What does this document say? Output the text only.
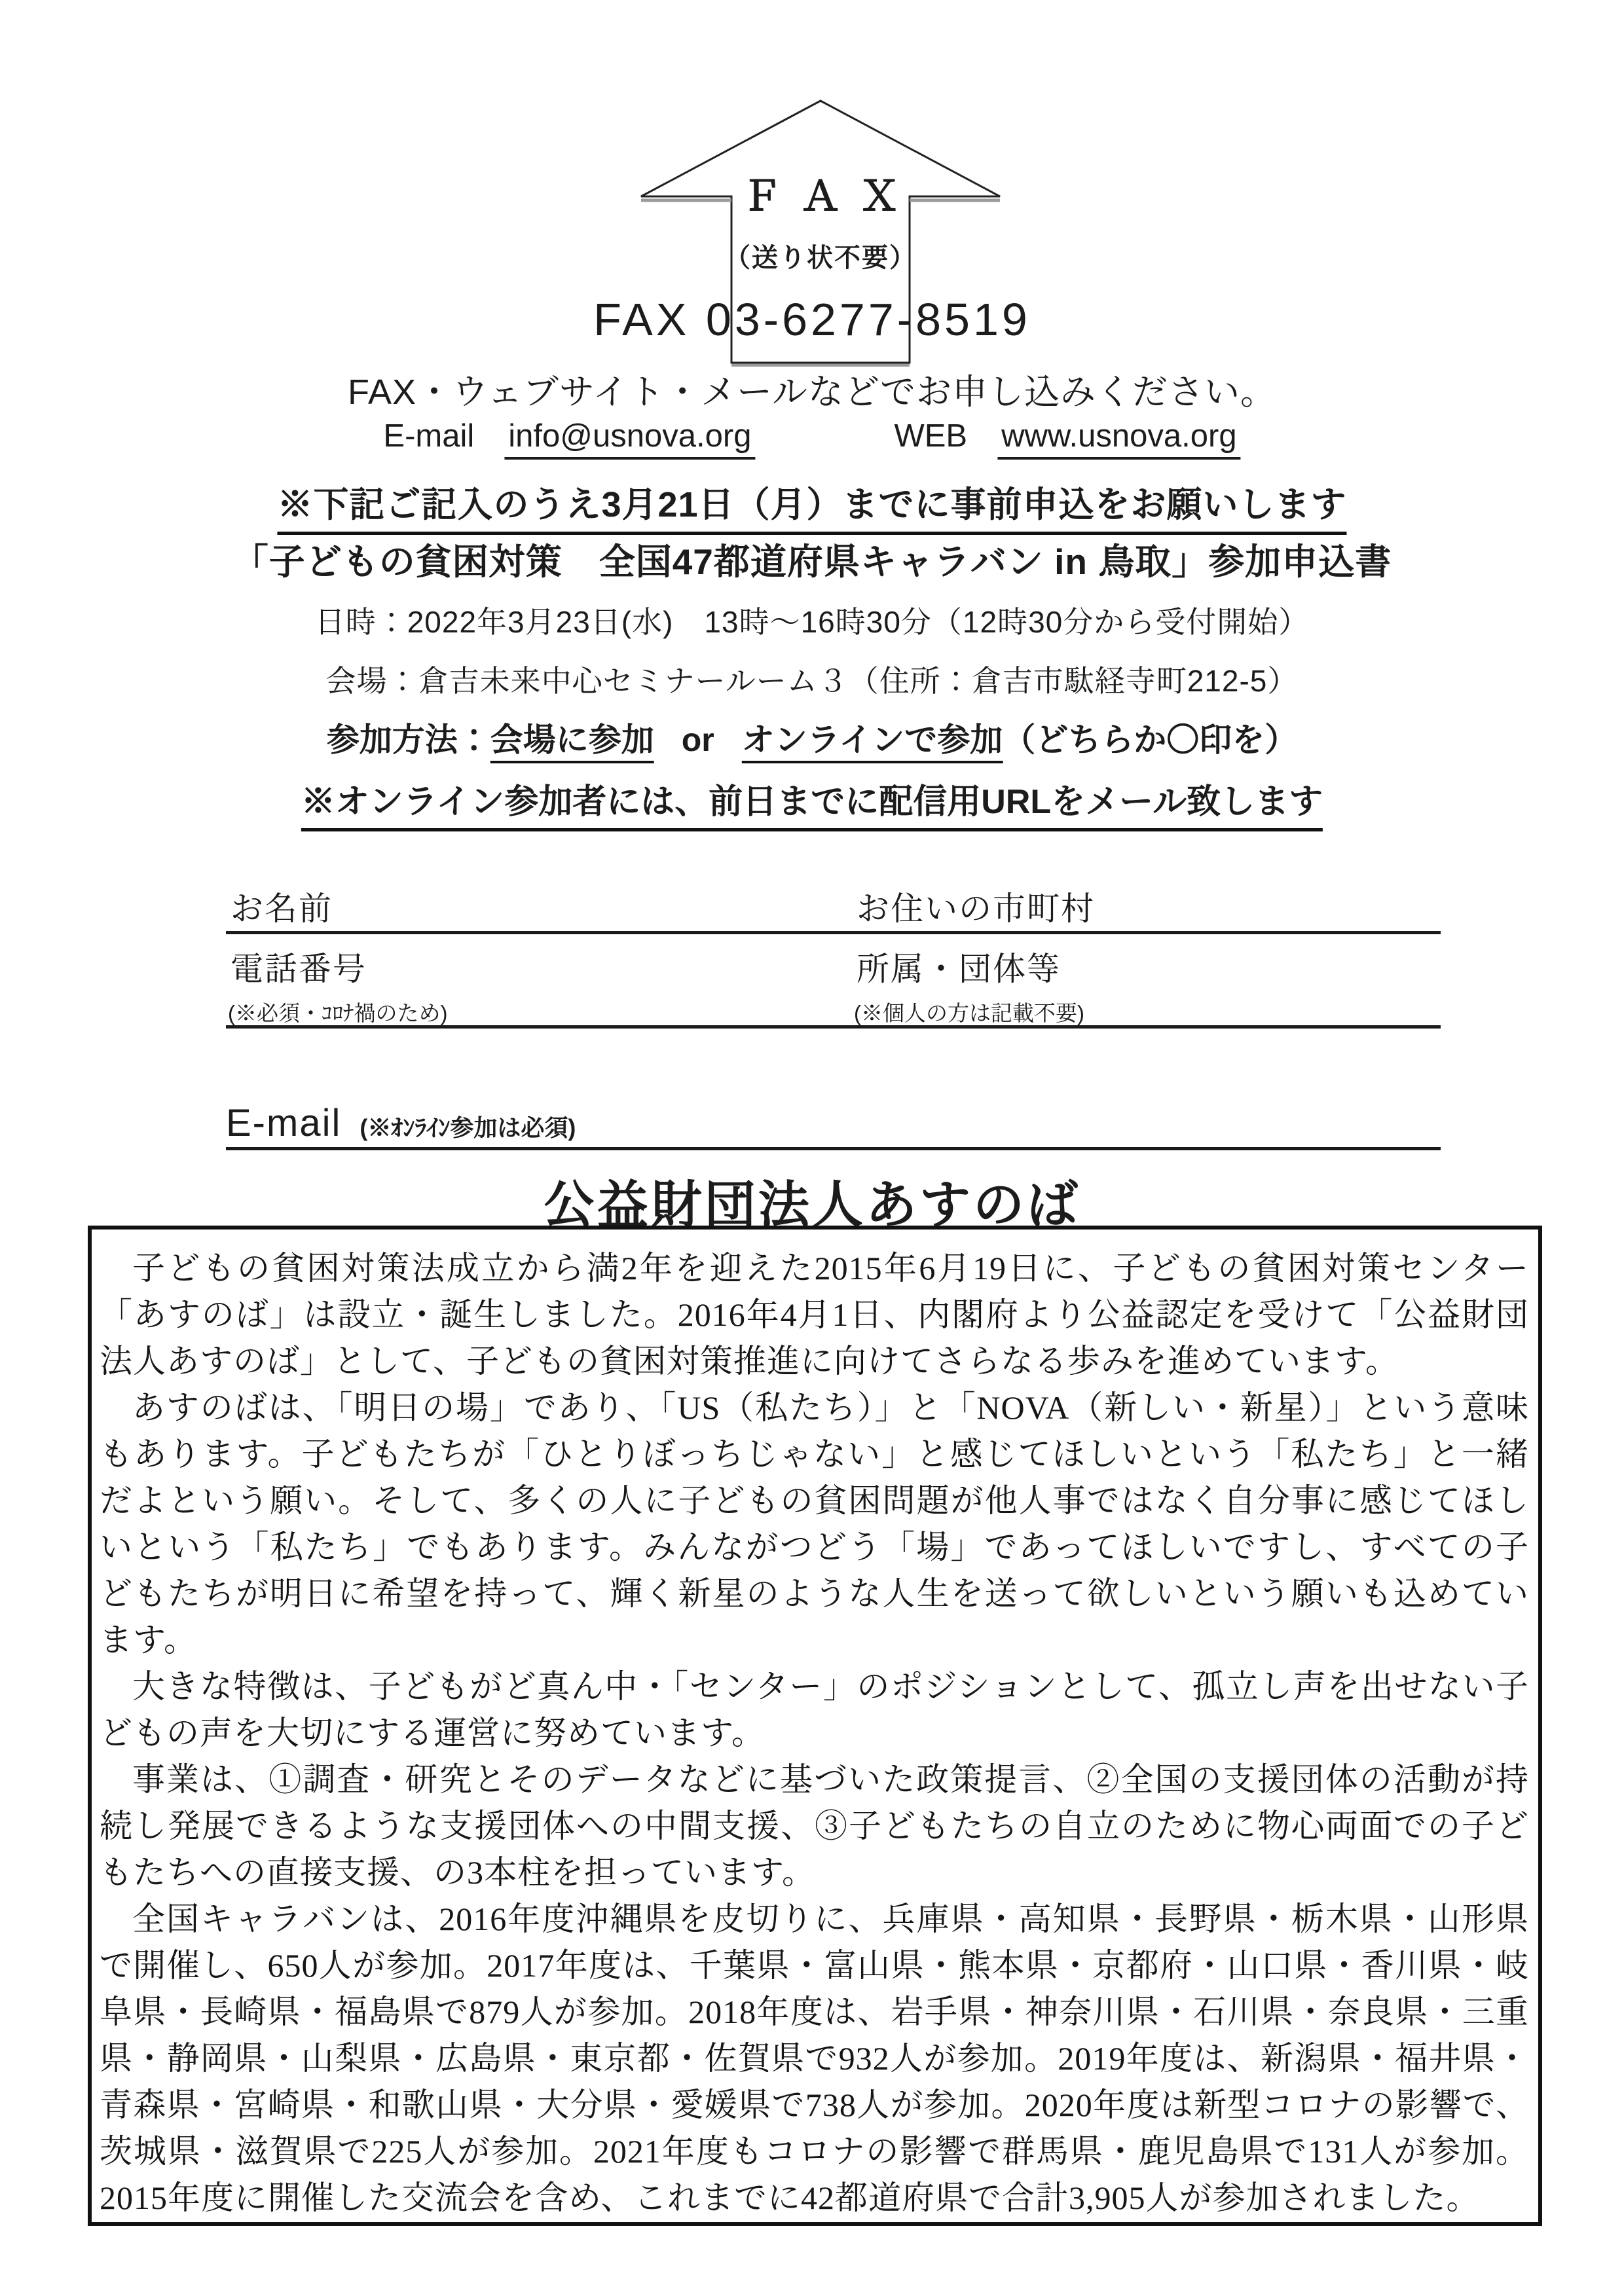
ＦＡＸ
（送り状不要）
FAX 03-6277-8519
FAX・ウェブサイト・メールなどでお申し込みください。
E-mail info@usnova.org	WEB www.usnova.org
※下記ご記入のうえ3月21日（月）までに事前申込をお願いします
「子どもの貧困対策　全国47都道府県キャラバン in 鳥取」参加申込書
日時：2022年3月23日(水)　13時～16時30分（12時30分から受付開始）
会場：倉吉未来中心セミナールーム３（住所：倉吉市駄経寺町212-5）
参加方法：会場に参加 or オンラインで参加（どちらか〇印を）
※オンライン参加者には、前日までに配信用URLをメール致します
お名前	お住いの市町村
電話番号	所属・団体等
(※必須・ｺﾛﾅ禍のため)	(※個人の方は記載不要)
E-mail (※ｵﾝﾗｲﾝ参加は必須)
公益財団法人あすのば

子どもの貧困対策法成立から満2年を迎えた2015年6月19日に、子どもの貧困対策センター「あすのば」は設立・誕生しました。2016年4月1日、内閣府より公益認定を受けて「公益財団法人あすのば」として、子どもの貧困対策推進に向けてさらなる歩みを進めています。

あすのばは、「明日の場」であり、「US（私たち）」と「NOVA（新しい・新星）」という意味もあります。子どもたちが「ひとりぼっちじゃない」と感じてほしいという「私たち」と一緒だよという願い。そして、多くの人に子どもの貧困問題が他人事ではなく自分事に感じてほしいという「私たち」でもあります。みんながつどう「場」であってほしいですし、すべての子どもたちが明日に希望を持って、輝く新星のような人生を送って欲しいという願いも込めています。

大きな特徴は、子どもがど真ん中・「センター」のポジションとして、孤立し声を出せない子どもの声を大切にする運営に努めています。

事業は、①調査・研究とそのデータなどに基づいた政策提言、②全国の支援団体の活動が持続し発展できるような支援団体への中間支援、③子どもたちの自立のために物心両面での子どもたちへの直接支援、の3本柱を担っています。

全国キャラバンは、2016年度沖縄県を皮切りに、兵庫県・高知県・長野県・栃木県・山形県で開催し、650人が参加。2017年度は、千葉県・富山県・熊本県・京都府・山口県・香川県・岐阜県・長崎県・福島県で879人が参加。2018年度は、岩手県・神奈川県・石川県・奈良県・三重県・静岡県・山梨県・広島県・東京都・佐賀県で932人が参加。2019年度は、新潟県・福井県・青森県・宮崎県・和歌山県・大分県・愛媛県で738人が参加。2020年度は新型コロナの影響で、茨城県・滋賀県で225人が参加。2021年度もコロナの影響で群馬県・鹿児島県で131人が参加。2015年度に開催した交流会を含め、これまでに42都道府県で合計3,905人が参加されました。
